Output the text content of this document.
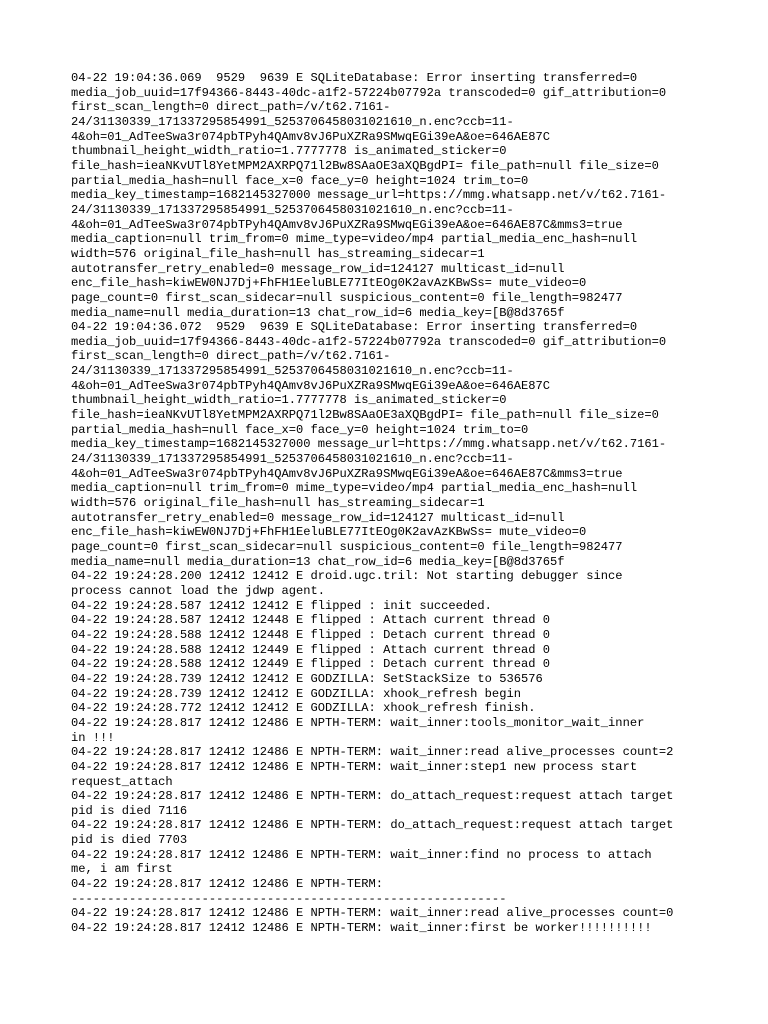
04-22 19:04:36.069  9529  9639 E SQLiteDatabase: Error inserting transferred=0
media_job_uuid=17f94366-8443-40dc-a1f2-57224b07792a transcoded=0 gif_attribution=0
first_scan_length=0 direct_path=/v/t62.7161-
24/31130339_171337295854991_5253706458031021610_n.enc?ccb=11-
4&oh=01_AdTeeSwa3r074pbTPyh4QAmv8vJ6PuXZRa9SMwqEGi39eA&oe=646AE87C
thumbnail_height_width_ratio=1.7777778 is_animated_sticker=0
file_hash=ieaNKvUTl8YetMPM2AXRPQ71l2Bw8SAaOE3aXQBgdPI= file_path=null file_size=0
partial_media_hash=null face_x=0 face_y=0 height=1024 trim_to=0
media_key_timestamp=1682145327000 message_url=https://mmg.whatsapp.net/v/t62.7161-
24/31130339_171337295854991_5253706458031021610_n.enc?ccb=11-
4&oh=01_AdTeeSwa3r074pbTPyh4QAmv8vJ6PuXZRa9SMwqEGi39eA&oe=646AE87C&mms3=true
media_caption=null trim_from=0 mime_type=video/mp4 partial_media_enc_hash=null
width=576 original_file_hash=null has_streaming_sidecar=1
autotransfer_retry_enabled=0 message_row_id=124127 multicast_id=null
enc_file_hash=kiwEW0NJ7Dj+FhFH1EeluBLE77ItEOg0K2avAzKBwSs= mute_video=0
page_count=0 first_scan_sidecar=null suspicious_content=0 file_length=982477
media_name=null media_duration=13 chat_row_id=6 media_key=[B@8d3765f
04-22 19:04:36.072  9529  9639 E SQLiteDatabase: Error inserting transferred=0
media_job_uuid=17f94366-8443-40dc-a1f2-57224b07792a transcoded=0 gif_attribution=0
first_scan_length=0 direct_path=/v/t62.7161-
24/31130339_171337295854991_5253706458031021610_n.enc?ccb=11-
4&oh=01_AdTeeSwa3r074pbTPyh4QAmv8vJ6PuXZRa9SMwqEGi39eA&oe=646AE87C
thumbnail_height_width_ratio=1.7777778 is_animated_sticker=0
file_hash=ieaNKvUTl8YetMPM2AXRPQ71l2Bw8SAaOE3aXQBgdPI= file_path=null file_size=0
partial_media_hash=null face_x=0 face_y=0 height=1024 trim_to=0
media_key_timestamp=1682145327000 message_url=https://mmg.whatsapp.net/v/t62.7161-
24/31130339_171337295854991_5253706458031021610_n.enc?ccb=11-
4&oh=01_AdTeeSwa3r074pbTPyh4QAmv8vJ6PuXZRa9SMwqEGi39eA&oe=646AE87C&mms3=true
media_caption=null trim_from=0 mime_type=video/mp4 partial_media_enc_hash=null
width=576 original_file_hash=null has_streaming_sidecar=1
autotransfer_retry_enabled=0 message_row_id=124127 multicast_id=null
enc_file_hash=kiwEW0NJ7Dj+FhFH1EeluBLE77ItEOg0K2avAzKBwSs= mute_video=0
page_count=0 first_scan_sidecar=null suspicious_content=0 file_length=982477
media_name=null media_duration=13 chat_row_id=6 media_key=[B@8d3765f
04-22 19:24:28.200 12412 12412 E droid.ugc.tril: Not starting debugger since
process cannot load the jdwp agent.
04-22 19:24:28.587 12412 12412 E flipped : init succeeded.
04-22 19:24:28.587 12412 12448 E flipped : Attach current thread 0
04-22 19:24:28.588 12412 12448 E flipped : Detach current thread 0
04-22 19:24:28.588 12412 12449 E flipped : Attach current thread 0
04-22 19:24:28.588 12412 12449 E flipped : Detach current thread 0
04-22 19:24:28.739 12412 12412 E GODZILLA: SetStackSize to 536576
04-22 19:24:28.739 12412 12412 E GODZILLA: xhook_refresh begin
04-22 19:24:28.772 12412 12412 E GODZILLA: xhook_refresh finish.
04-22 19:24:28.817 12412 12486 E NPTH-TERM: wait_inner:tools_monitor_wait_inner
in !!!
04-22 19:24:28.817 12412 12486 E NPTH-TERM: wait_inner:read alive_processes count=2
04-22 19:24:28.817 12412 12486 E NPTH-TERM: wait_inner:step1 new process start
request_attach
04-22 19:24:28.817 12412 12486 E NPTH-TERM: do_attach_request:request attach target
pid is died 7116
04-22 19:24:28.817 12412 12486 E NPTH-TERM: do_attach_request:request attach target
pid is died 7703
04-22 19:24:28.817 12412 12486 E NPTH-TERM: wait_inner:find no process to attach
me, i am first
04-22 19:24:28.817 12412 12486 E NPTH-TERM:
------------------------------------------------------------
04-22 19:24:28.817 12412 12486 E NPTH-TERM: wait_inner:read alive_processes count=0
04-22 19:24:28.817 12412 12486 E NPTH-TERM: wait_inner:first be worker!!!!!!!!!!
